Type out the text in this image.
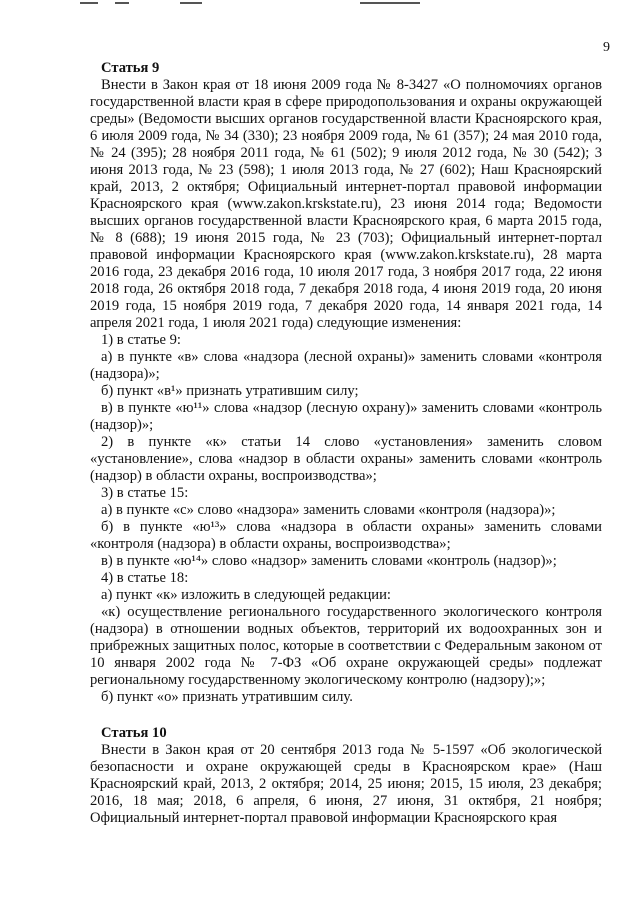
9
Статья 9

Внести в Закон края от 18 июня 2009 года № 8-3427 «О полномочиях органов государственной власти края в сфере природопользования и охраны окружающей среды» (Ведомости высших органов государственной власти Красноярского края, 6 июля 2009 года, № 34 (330); 23 ноября 2009 года, № 61 (357); 24 мая 2010 года, № 24 (395); 28 ноября 2011 года, № 61 (502); 9 июля 2012 года, № 30 (542); 3 июня 2013 года, № 23 (598); 1 июля 2013 года, № 27 (602); Наш Красноярский край, 2013, 2 октября; Официальный интернет-портал правовой информации Красноярского края (www.zakon.krskstate.ru), 23 июня 2014 года; Ведомости высших органов государственной власти Красноярского края, 6 марта 2015 года, № 8 (688); 19 июня 2015 года, № 23 (703); Официальный интернет-портал правовой информации Красноярского края (www.zakon.krskstate.ru), 28 марта 2016 года, 23 декабря 2016 года, 10 июля 2017 года, 3 ноября 2017 года, 22 июня 2018 года, 26 октября 2018 года, 7 декабря 2018 года, 4 июня 2019 года, 20 июня 2019 года, 15 ноября 2019 года, 7 декабря 2020 года, 14 января 2021 года, 14 апреля 2021 года, 1 июля 2021 года) следующие изменения:

1) в статье 9:

а) в пункте «в» слова «надзора (лесной охраны)» заменить словами «контроля (надзора)»;

б) пункт «в¹» признать утратившим силу;

в) в пункте «ю¹¹» слова «надзор (лесную охрану)» заменить словами «контроль (надзор)»;

2) в пункте «к» статьи 14 слово «установления» заменить словом «установление», слова «надзор в области охраны» заменить словами «контроль (надзор) в области охраны, воспроизводства»;

3) в статье 15:

а) в пункте «с» слово «надзора» заменить словами «контроля (надзора)»;

б) в пункте «ю¹³» слова «надзора в области охраны» заменить словами «контроля (надзора) в области охраны, воспроизводства»;

в) в пункте «ю¹⁴» слово «надзор» заменить словами «контроль (надзор)»;

4) в статье 18:

а) пункт «к» изложить в следующей редакции:

«к) осуществление регионального государственного экологического контроля (надзора) в отношении водных объектов, территорий их водоохранных зон и прибрежных защитных полос, которые в соответствии с Федеральным законом от 10 января 2002 года № 7-ФЗ «Об охране окружающей среды» подлежат региональному государственному экологическому контролю (надзору);»;

б) пункт «о» признать утратившим силу.

Статья 10

Внести в Закон края от 20 сентября 2013 года № 5-1597 «Об экологической безопасности и охране окружающей среды в Красноярском крае» (Наш Красноярский край, 2013, 2 октября; 2014, 25 июня; 2015, 15 июля, 23 декабря; 2016, 18 мая; 2018, 6 апреля, 6 июня, 27 июня, 31 октября, 21 ноября; Официальный интернет-портал правовой информации Красноярского края
